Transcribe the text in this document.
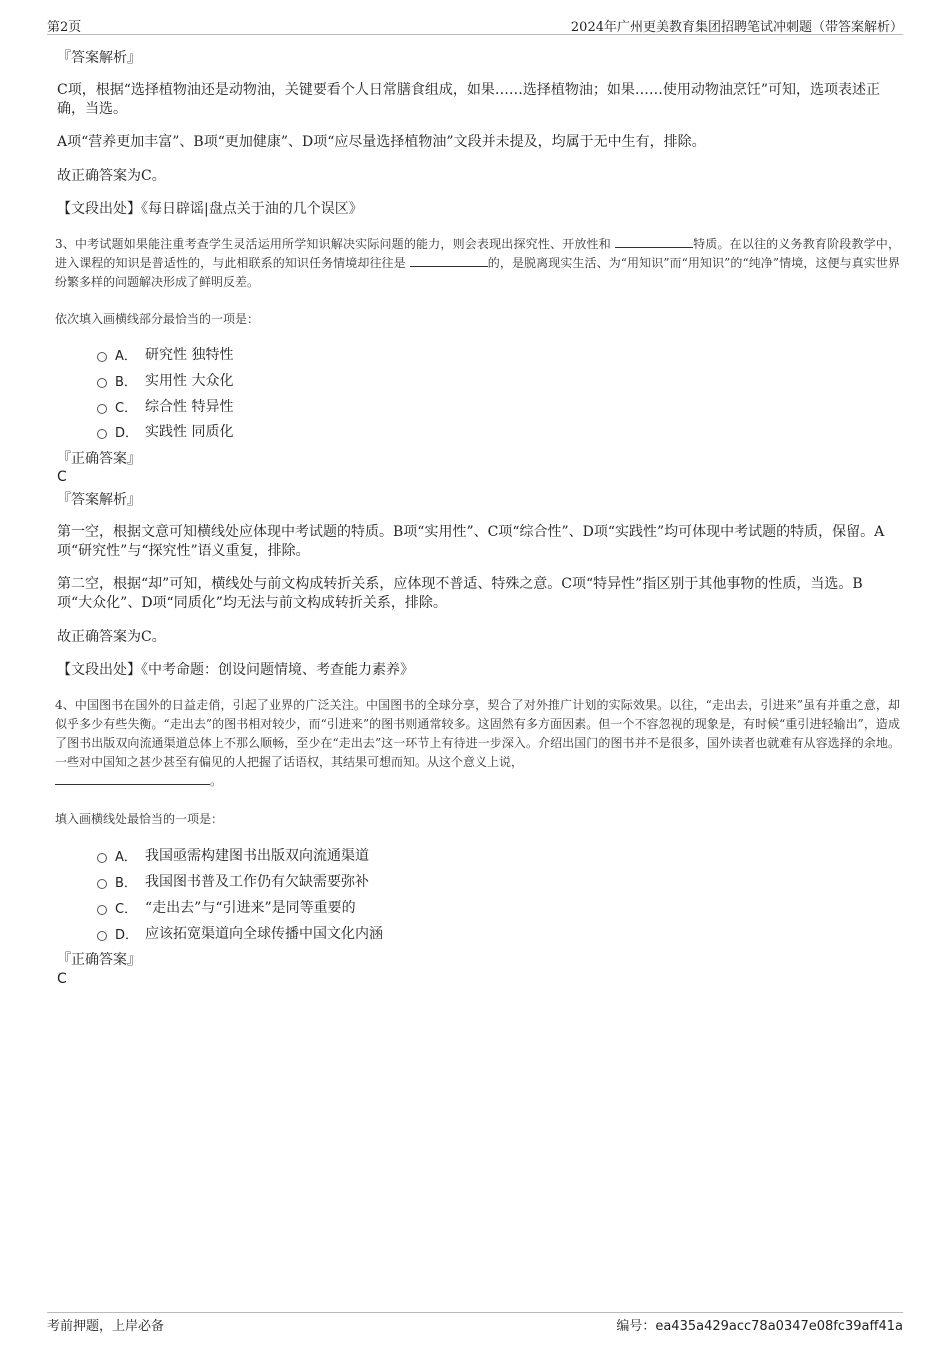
第2页	2024年广州更美教育集团招聘笔试冲刺题（带答案解析）
『答案解析』
C项，根据“选择植物油还是动物油，关键要看个人日常膳食组成，如果……选择植物油；如果……使用动物油烹饪”可知，选项表述正确，当选。
A项“营养更加丰富”、B项“更加健康”、D项“应尽量选择植物油”文段并未提及，均属于无中生有，排除。
故正确答案为C。
【文段出处】《每日辟谣|盘点关于油的几个误区》
3、中考试题如果能注重考查学生灵活运用所学知识解决实际问题的能力，则会表现出探究性、开放性和	特质。在以往的义务教育阶段教学中，进入课程的知识是普适性的，与此相联系的知识任务情境却往往是	的，是脱离现实生活、为“用知识”而“用知识”的“纯净”情境，这便与真实世界纷繁多样的问题解决形成了鲜明反差。
依次填入画横线部分最恰当的一项是：
A． 研究性 独特性
B． 实用性 大众化
C． 综合性 特异性
D． 实践性 同质化
『正确答案』
C
『答案解析』
第一空，根据文意可知横线处应体现中考试题的特质。B项“实用性”、C项“综合性”、D项“实践性”均可体现中考试题的特质，保留。A项“研究性”与“探究性”语义重复，排除。
第二空，根据“却”可知，横线处与前文构成转折关系，应体现不普适、特殊之意。C项“特异性”指区别于其他事物的性质，当选。B项“大众化”、D项“同质化”均无法与前文构成转折关系，排除。
故正确答案为C。
【文段出处】《中考命题：创设问题情境、考查能力素养》
4、中国图书在国外的日益走俏，引起了业界的广泛关注。中国图书的全球分享，契合了对外推广计划的实际效果。以往，“走出去，引进来”虽有并重之意，却似乎多少有些失衡。“走出去”的图书相对较少，而“引进来”的图书则通常较多。这固然有多方面因素。但一个不容忽视的现象是，有时候“重引进轻输出”，造成了图书出版双向流通渠道总体上不那么顺畅，至少在“走出去”这一环节上有待进一步深入。介绍出国门的图书并不是很多，国外读者也就难有从容选择的余地。一些对中国知之甚少甚至有偏见的人把握了话语权，其结果可想而知。从这个意义上说，
。
填入画横线处最恰当的一项是：
A． 我国亟需构建图书出版双向流通渠道
B． 我国图书普及工作仍有欠缺需要弥补
C． “走出去”与“引进来”是同等重要的
D． 应该拓宽渠道向全球传播中国文化内涵
『正确答案』
C
考前押题，上岸必备	编号：ea435a429acc78a0347e08fc39aff41a
